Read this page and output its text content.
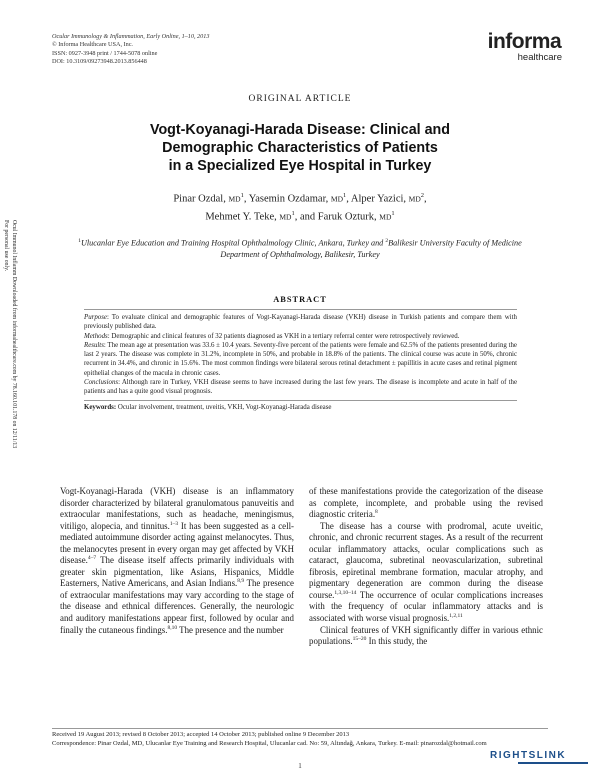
Ocular Immunology & Inflammation, Early Online, 1–10, 2013
© Informa Healthcare USA, Inc.
ISSN: 0927-3948 print / 1744-5078 online
DOI: 10.3109/09273948.2013.856448
informa
healthcare
Ocul Immunol Inflamm Downloaded from informahealthcare.com by 78.160.101.178 on 12/11/13
For personal use only.
ORIGINAL ARTICLE
Vogt-Koyanagi-Harada Disease: Clinical and
Demographic Characteristics of Patients
in a Specialized Eye Hospital in Turkey
Pinar Ozdal, $MD^1$, Yasemin Ozdamar, $MD^1$, Alper Yazici, $MD^2$,
Mehmet Y. Teke, $MD^1$, and Faruk Ozturk, $MD^1$
$^1$Ulucanlar Eye Education and Training Hospital Ophthalmology Clinic, Ankara, Turkey and $^2$Balikesir University Faculty of Medicine Department of Ophthalmology, Balikesir, Turkey
ABSTRACT

Purpose: To evaluate clinical and demographic features of Vogt-Kayanagi-Harada disease (VKH) disease in Turkish patients and compare them with previously published data.

Methods: Demographic and clinical features of 32 patients diagnosed as VKH in a tertiary referral center were retrospectively reviewed.

Results: The mean age at presentation was 33.6 ± 10.4 years. Seventy-five percent of the patients were female and 62.5% of the patients presented during the last 2 years. The disease was complete in 31.2%, incomplete in 50%, and probable in 18.8% of the patients. The clinical course was acute in 50%, chronic recurrent in 34.4%, and chronic in 15.6%. The most common findings were bilateral serous retinal detachment ± papillitis in acute cases and retinal pigment epithelial changes of the macula in chronic cases.

Conclusions: Although rare in Turkey, VKH disease seems to have increased during the last few years. The disease is incomplete and acute in half of the patients and has a quite good visual prognosis.

Keywords: Ocular involvement, treatment, uveitis, VKH, Vogt-Koyanagi-Harada disease

Vogt-Koyanagi-Harada (VKH) disease is an inflammatory disorder characterized by bilateral granulomatous panuveitis and extraocular manifestations, such as headache, meningismus, vitiligo, alopecia, and tinnitus.$^{1-3}$ It has been suggested as a cell-mediated autoimmune disorder acting against melanocytes. Thus, the melanocytes present in every organ may get affected by VKH disease.$^{4-7}$ The disease itself affects primarily individuals with greater skin pigmentation, like Asians, Hispanics, Middle Easterners, Native Americans, and Asian Indians.$^{8,9}$ The presence of extraocular manifestations may vary according to the stage of the disease and ethnical differences. Generally, the neurologic and auditory manifestations appear first, followed by ocular and finally the cutaneous findings.$^{8,10}$ The presence and the number

of these manifestations provide the categorization of the disease as complete, incomplete, and probable using the revised diagnostic criteria.$^8$

The disease has a course with prodromal, acute uveitic, chronic, and chronic recurrent stages. As a result of the recurrent ocular inflammatory attacks, ocular complications such as cataract, glaucoma, subretinal neovascularization, subretinal fibrosis, epiretinal membrane formation, macular atrophy, and pigmentary degeneration are common during the disease course.$^{1,3,10-14}$ The occurrence of ocular complications increases with the frequency of ocular inflammatory attacks and is associated with worse visual prognosis.$^{1,2,11}$

Clinical features of VKH significantly differ in various ethnic populations.$^{15-20}$ In this study, the

Received 19 August 2013; revised 8 October 2013; accepted 14 October 2013; published online 9 December 2013
Correspondence: Pinar Ozdal, MD, Ulucanlar Eye Training and Research Hospital, Ulucanlar cad. No: 59, Altındağ, Ankara, Turkey. E-mail: pinarozdal@hotmail.com
1
RIGHTSLINK
